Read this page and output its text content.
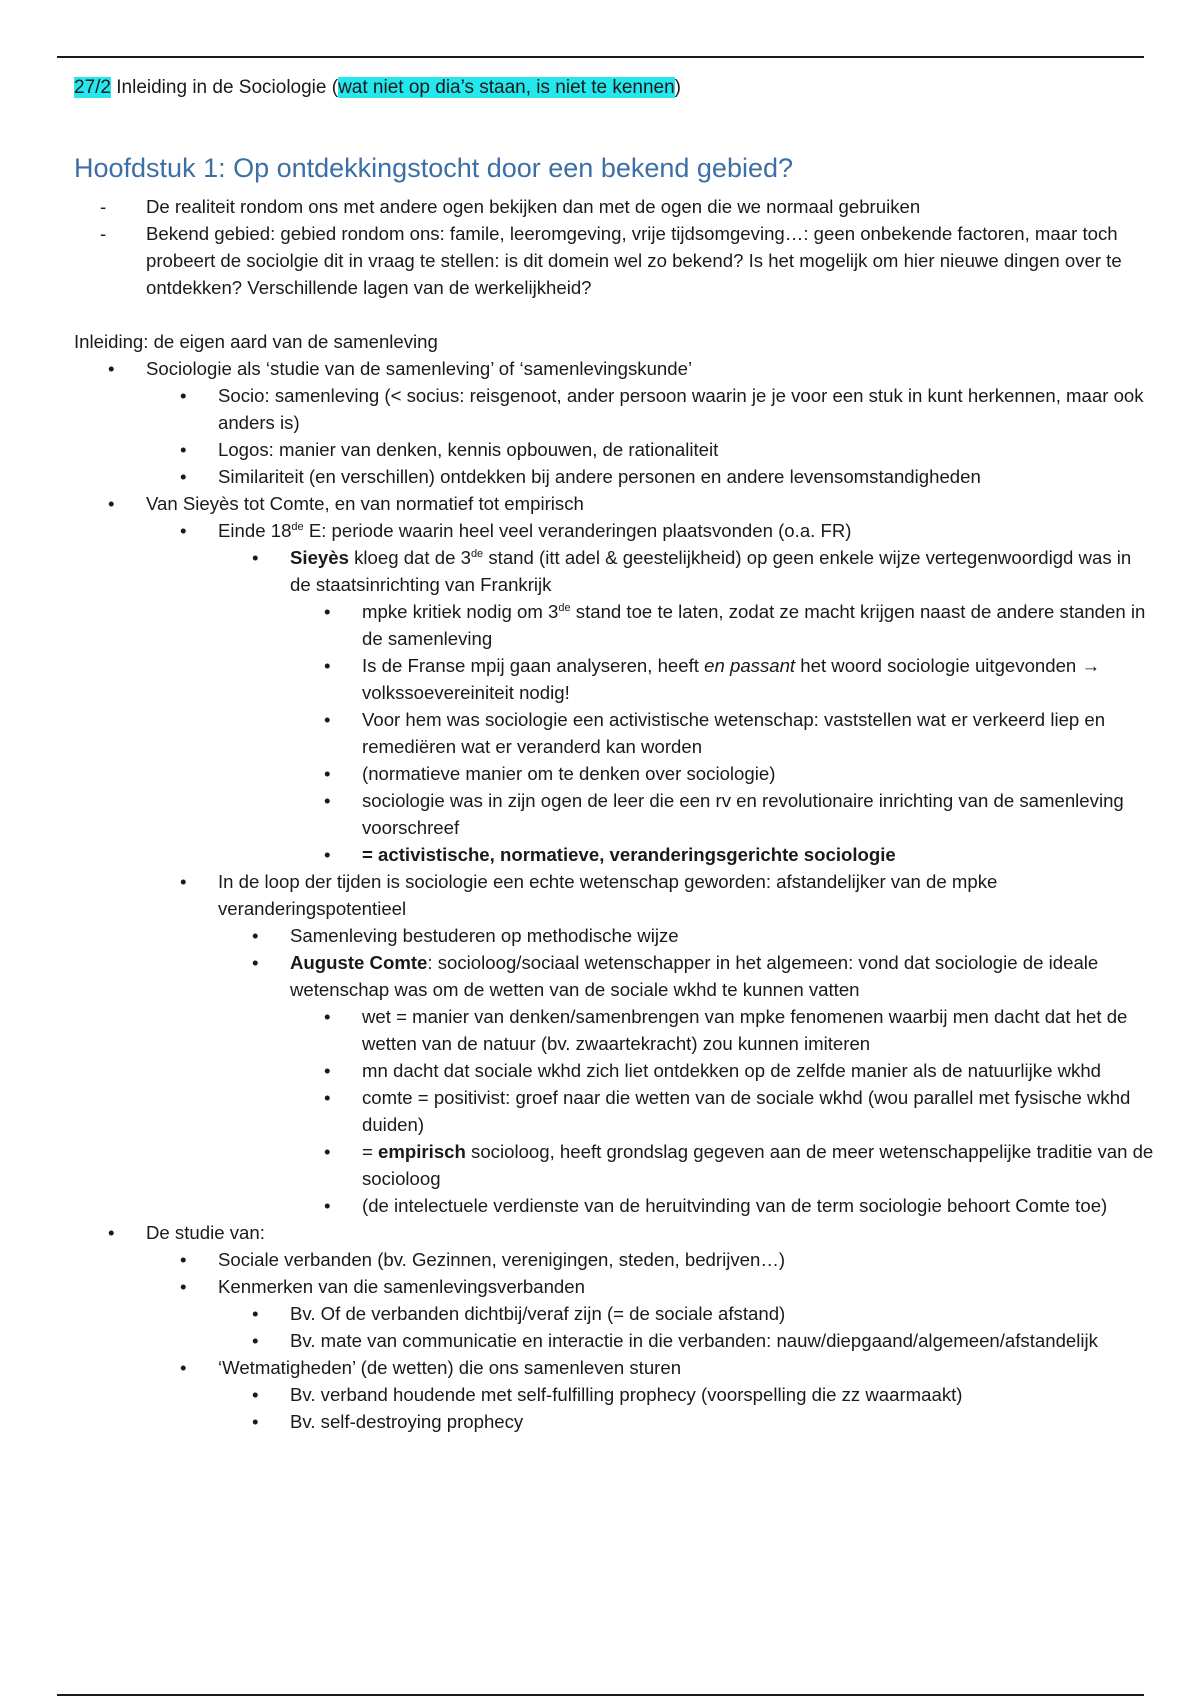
27/2 Inleiding in de Sociologie (wat niet op dia’s staan, is niet te kennen)
Hoofdstuk 1: Op ontdekkingstocht door een bekend gebied?
- De realiteit rondom ons met andere ogen bekijken dan met de ogen die we normaal gebruiken
- Bekend gebied: gebied rondom ons: famile, leeromgeving, vrije tijdsomgeving…: geen onbekende factoren, maar toch probeert de sociolgie dit in vraag te stellen: is dit domein wel zo bekend? Is het mogelijk om hier nieuwe dingen over te ontdekken? Verschillende lagen van de werkelijkheid?
Inleiding: de eigen aard van de samenleving
• Sociologie als ‘studie van de samenleving’ of ‘samenlevingskunde’
• Socio: samenleving (< socius: reisgenoot, ander persoon waarin je je voor een stuk in kunt herkennen, maar ook anders is)
• Logos: manier van denken, kennis opbouwen, de rationaliteit
• Similariteit (en verschillen) ontdekken bij andere personen en andere levensomstandigheden
• Van Sieyès tot Comte, en van normatief tot empirisch
• Einde 18de E: periode waarin heel veel veranderingen plaatsvonden (o.a. FR)
• Sieyès kloeg dat de 3de stand (itt adel & geestelijkheid) op geen enkele wijze vertegenwoordigd was in de staatsinrichting van Frankrijk
• mpke kritiek nodig om 3de stand toe te laten, zodat ze macht krijgen naast de andere standen in de samenleving
• Is de Franse mpij gaan analyseren, heeft en passant het woord sociologie uitgevonden → volkssoevereiniteit nodig!
• Voor hem was sociologie een activistische wetenschap: vaststellen wat er verkeerd liep en remediëren wat er veranderd kan worden
• (normatieve manier om te denken over sociologie)
• sociologie was in zijn ogen de leer die een rv en revolutionaire inrichting van de samenleving voorschreef
• = activistische, normatieve, veranderingsgerichte sociologie
• In de loop der tijden is sociologie een echte wetenschap geworden: afstandelijker van de mpke veranderingspotentieel
• Samenleving bestuderen op methodische wijze
• Auguste Comte: socioloog/sociaal wetenschapper in het algemeen: vond dat sociologie de ideale wetenschap was om de wetten van de sociale wkhd te kunnen vatten
• wet = manier van denken/samenbrengen van mpke fenomenen waarbij men dacht dat het de wetten van de natuur (bv. zwaartekracht) zou kunnen imiteren
• mn dacht dat sociale wkhd zich liet ontdekken op de zelfde manier als de natuurlijke wkhd
• comte = positivist: groef naar die wetten van de sociale wkhd (wou parallel met fysische wkhd duiden)
• = empirisch socioloog, heeft grondslag gegeven aan de meer wetenschappelijke traditie van de socioloog
• (de intelectuele verdienste van de heruitvinding van de term sociologie behoort Comte toe)
• De studie van:
• Sociale verbanden (bv. Gezinnen, verenigingen, steden, bedrijven…)
• Kenmerken van die samenlevingsverbanden
• Bv. Of de verbanden dichtbij/veraf zijn (= de sociale afstand)
• Bv. mate van communicatie en interactie in die verbanden: nauw/diepgaand/algemeen/afstandelijk
• ‘Wetmatigheden’ (de wetten) die ons samenleven sturen
• Bv. verband houdende met self-fulfilling prophecy (voorspelling die zz waarmaakt)
• Bv. self-destroying prophecy
